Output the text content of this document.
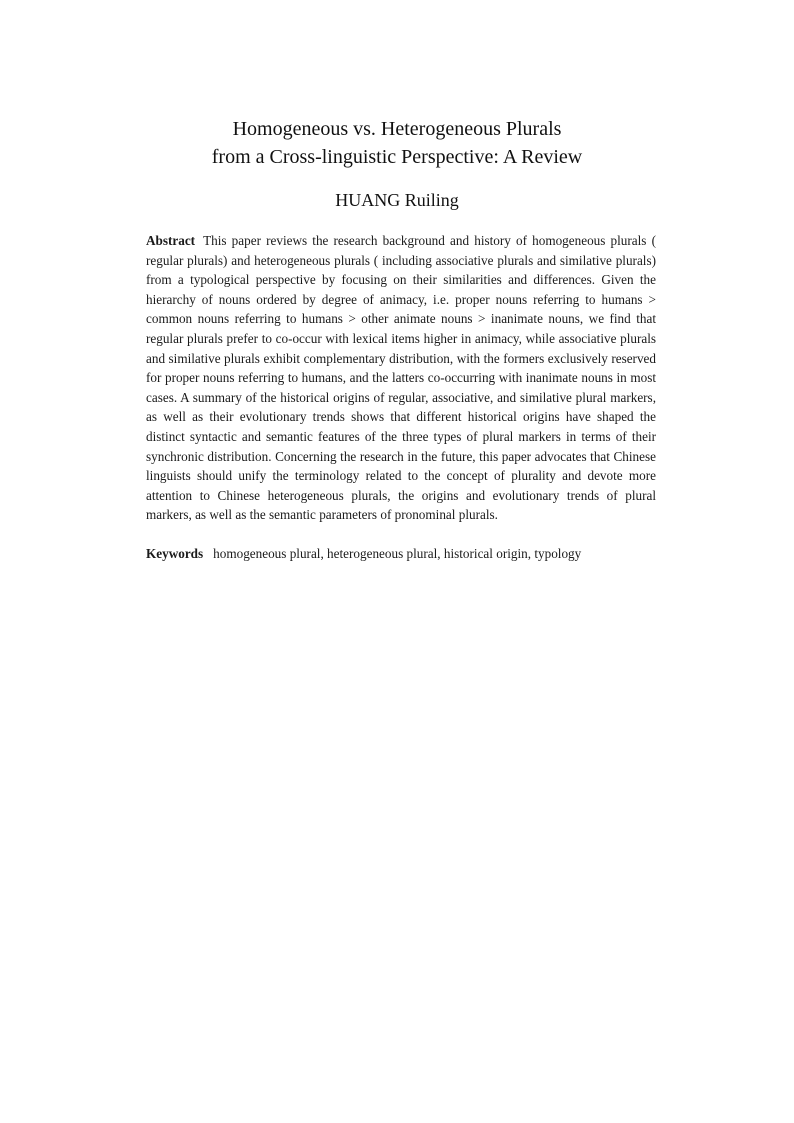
Homogeneous vs. Heterogeneous Plurals
from a Cross-linguistic Perspective: A Review
HUANG Ruiling

Abstract This paper reviews the research background and history of homogeneous plurals ( regular plurals) and heterogeneous plurals ( including associative plurals and similative plurals) from a typological perspective by focusing on their similarities and differences. Given the hierarchy of nouns ordered by degree of animacy, i.e. proper nouns referring to humans > common nouns referring to humans > other animate nouns > inanimate nouns, we find that regular plurals prefer to co-occur with lexical items higher in animacy, while associative plurals and similative plurals exhibit complementary distribution, with the formers exclusively reserved for proper nouns referring to humans, and the latters co-occurring with inanimate nouns in most cases. A summary of the historical origins of regular, associative, and similative plural markers, as well as their evolutionary trends shows that different historical origins have shaped the distinct syntactic and semantic features of the three types of plural markers in terms of their synchronic distribution. Concerning the research in the future, this paper advocates that Chinese linguists should unify the terminology related to the concept of plurality and devote more attention to Chinese heterogeneous plurals, the origins and evolutionary trends of plural markers, as well as the semantic parameters of pronominal plurals.

Keywords homogeneous plural, heterogeneous plural, historical origin, typology
